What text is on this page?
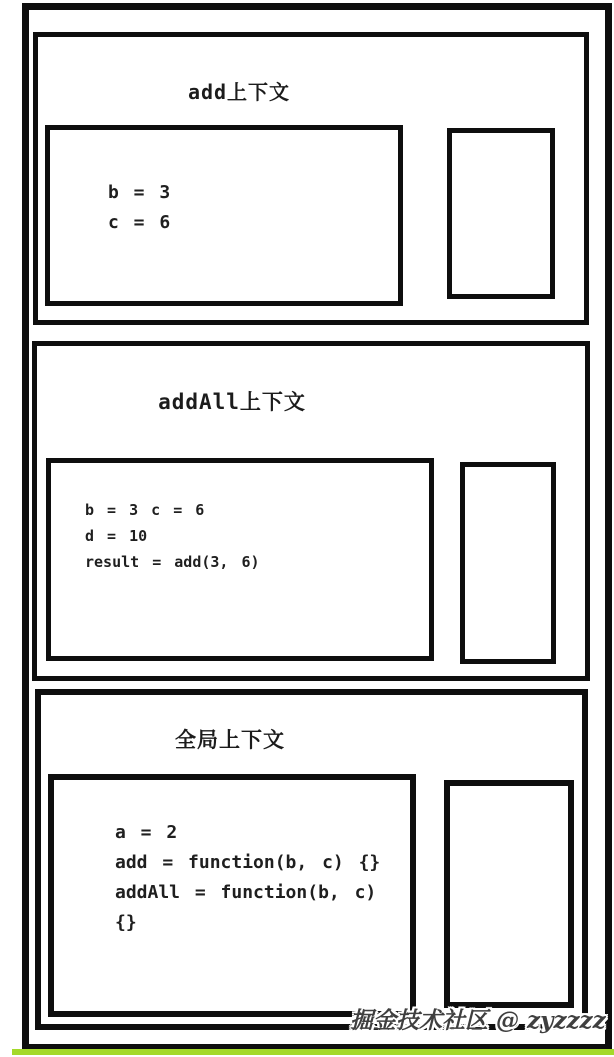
add上下文
b = 3
c = 6
addAll上下文
b = 3 c = 6
d = 10
result = add(3, 6)
全局上下文
a = 2
add = function(b, c) {}
addAll = function(b, c)
{}
掘金技术社区 @ zyzzzz
